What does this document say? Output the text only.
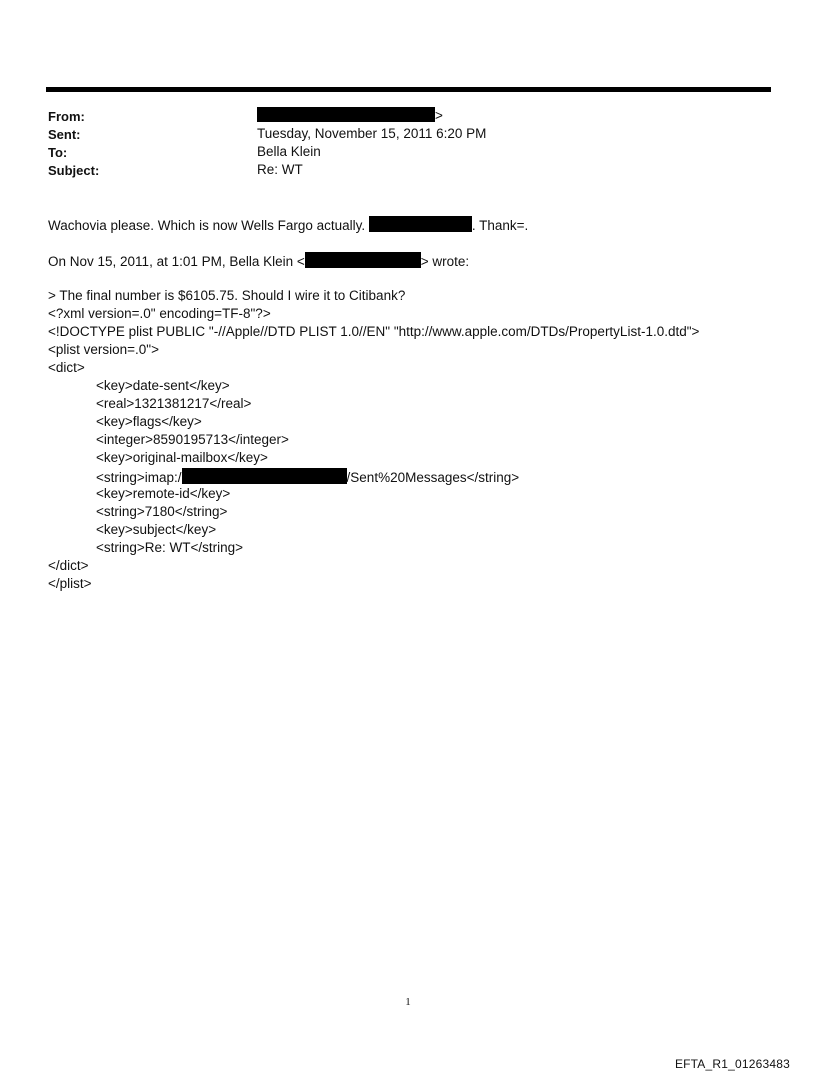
From:	>
Sent:	Tuesday, November 15, 2011 6:20 PM
To:	Bella Klein
Subject:	Re: WT
Wachovia please. Which is now Wells Fargo actually.	. Thank=.
On Nov 15, 2011, at 1:01 PM, Bella Klein <	> wrote:
> The final number is $6105.75. Should I wire it to Citibank?
<?xml version=.0" encoding=TF-8"?>
<!DOCTYPE plist PUBLIC "-//Apple//DTD PLIST 1.0//EN" "http://www.apple.com/DTDs/PropertyList-1.0.dtd">
<plist version=.0">
<dict>
<key>date-sent</key>
<real>1321381217</real>
<key>flags</key>
<integer>8590195713</integer>
<key>original-mailbox</key>
<string>imap:/	/Sent%20Messages</string>
<key>remote-id</key>
<string>7180</string>
<key>subject</key>
<string>Re: WT</string>
</dict>
</plist>
1
EFTA_R1_01263483
